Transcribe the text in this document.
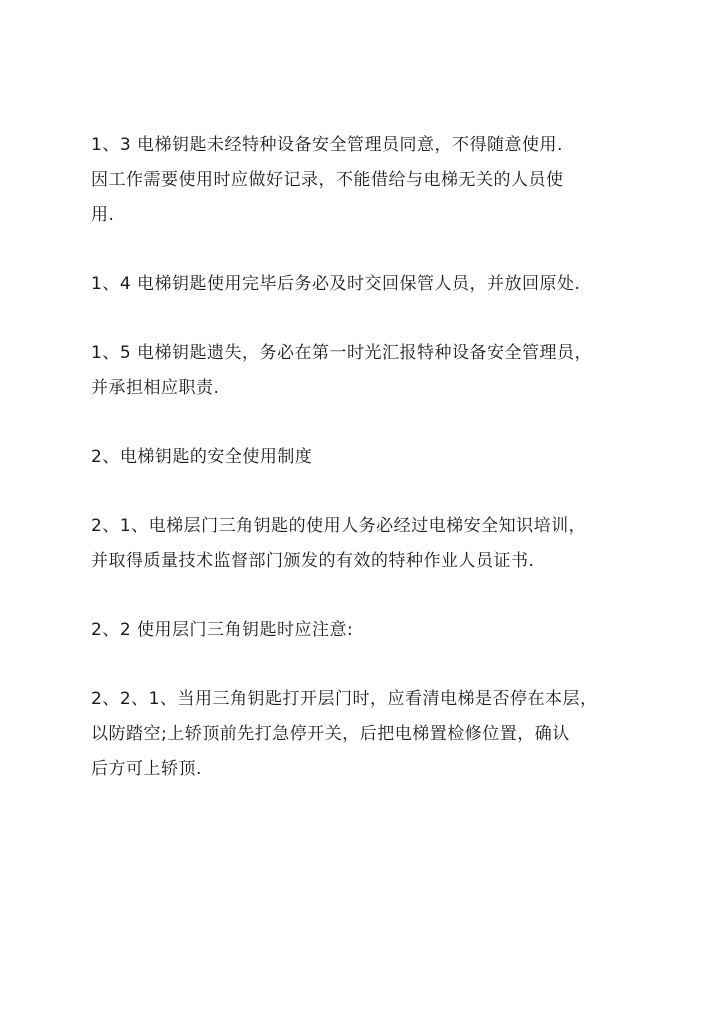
1、3 电梯钥匙未经特种设备安全管理员同意，不得随意使用.
因工作需要使用时应做好记录，不能借给与电梯无关的人员使
用.

1、4 电梯钥匙使用完毕后务必及时交回保管人员，并放回原处.

1、5 电梯钥匙遗失，务必在第一时光汇报特种设备安全管理员，
并承担相应职责.

2、电梯钥匙的安全使用制度

2、1、电梯层门三角钥匙的使用人务必经过电梯安全知识培训，
并取得质量技术监督部门颁发的有效的特种作业人员证书.

2、2 使用层门三角钥匙时应注意:

2、2、1、当用三角钥匙打开层门时，应看清电梯是否停在本层，
以防踏空;上轿顶前先打急停开关，后把电梯置检修位置，确认
后方可上轿顶.
